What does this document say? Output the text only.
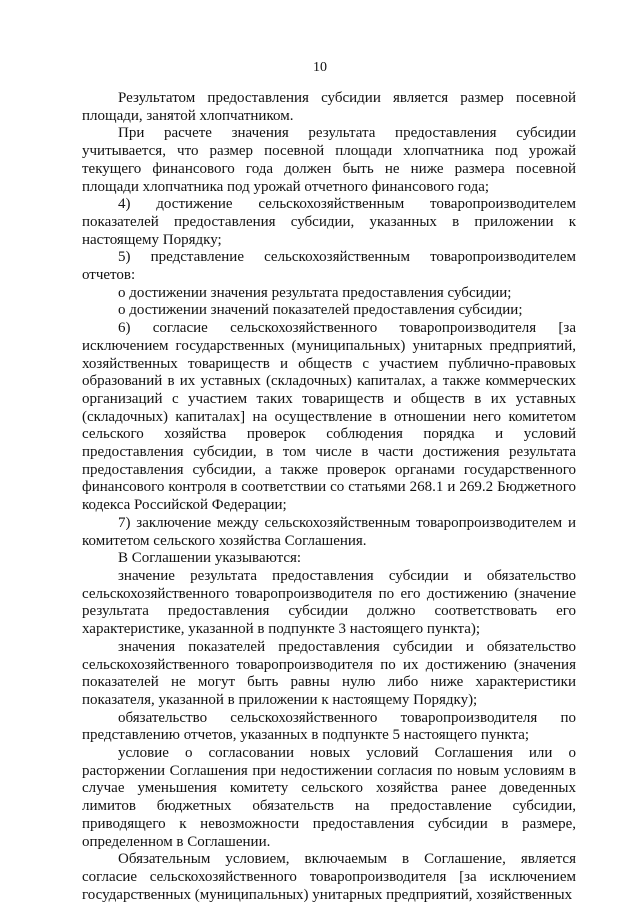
10

Результатом предоставления субсидии является размер посевной площади, занятой хлопчатником.

При расчете значения результата предоставления субсидии учитывается, что размер посевной площади хлопчатника под урожай текущего финансового года должен быть не ниже размера посевной площади хлопчатника под урожай отчетного финансового года;

4) достижение сельскохозяйственным товаропроизводителем показателей предоставления субсидии, указанных в приложении к настоящему Порядку;

5) представление сельскохозяйственным товаропроизводителем отчетов:

о достижении значения результата предоставления субсидии;

о достижении значений показателей предоставления субсидии;

6) согласие сельскохозяйственного товаропроизводителя [за исключением государственных (муниципальных) унитарных предприятий, хозяйственных товариществ и обществ с участием публично-правовых образований в их уставных (складочных) капиталах, а также коммерческих организаций с участием таких товариществ и обществ в их уставных (складочных) капиталах] на осуществление в отношении него комитетом сельского хозяйства проверок соблюдения порядка и условий предоставления субсидии, в том числе в части достижения результата предоставления субсидии, а также проверок органами государственного финансового контроля в соответствии со статьями 268.1 и 269.2 Бюджетного кодекса Российской Федерации;

7) заключение между сельскохозяйственным товаропроизводителем и комитетом сельского хозяйства Соглашения.

В Соглашении указываются:

значение результата предоставления субсидии и обязательство сельскохозяйственного товаропроизводителя по его достижению (значение результата предоставления субсидии должно соответствовать его характеристике, указанной в подпункте 3 настоящего пункта);

значения показателей предоставления субсидии и обязательство сельскохозяйственного товаропроизводителя по их достижению (значения показателей не могут быть равны нулю либо ниже характеристики показателя, указанной в приложении к настоящему Порядку);

обязательство сельскохозяйственного товаропроизводителя по представлению отчетов, указанных в подпункте 5 настоящего пункта;

условие о согласовании новых условий Соглашения или о расторжении Соглашения при недостижении согласия по новым условиям в случае уменьшения комитету сельского хозяйства ранее доведенных лимитов бюджетных обязательств на предоставление субсидии, приводящего к невозможности предоставления субсидии в размере, определенном в Соглашении.

Обязательным условием, включаемым в Соглашение, является согласие сельскохозяйственного товаропроизводителя [за исключением государственных (муниципальных) унитарных предприятий, хозяйственных
